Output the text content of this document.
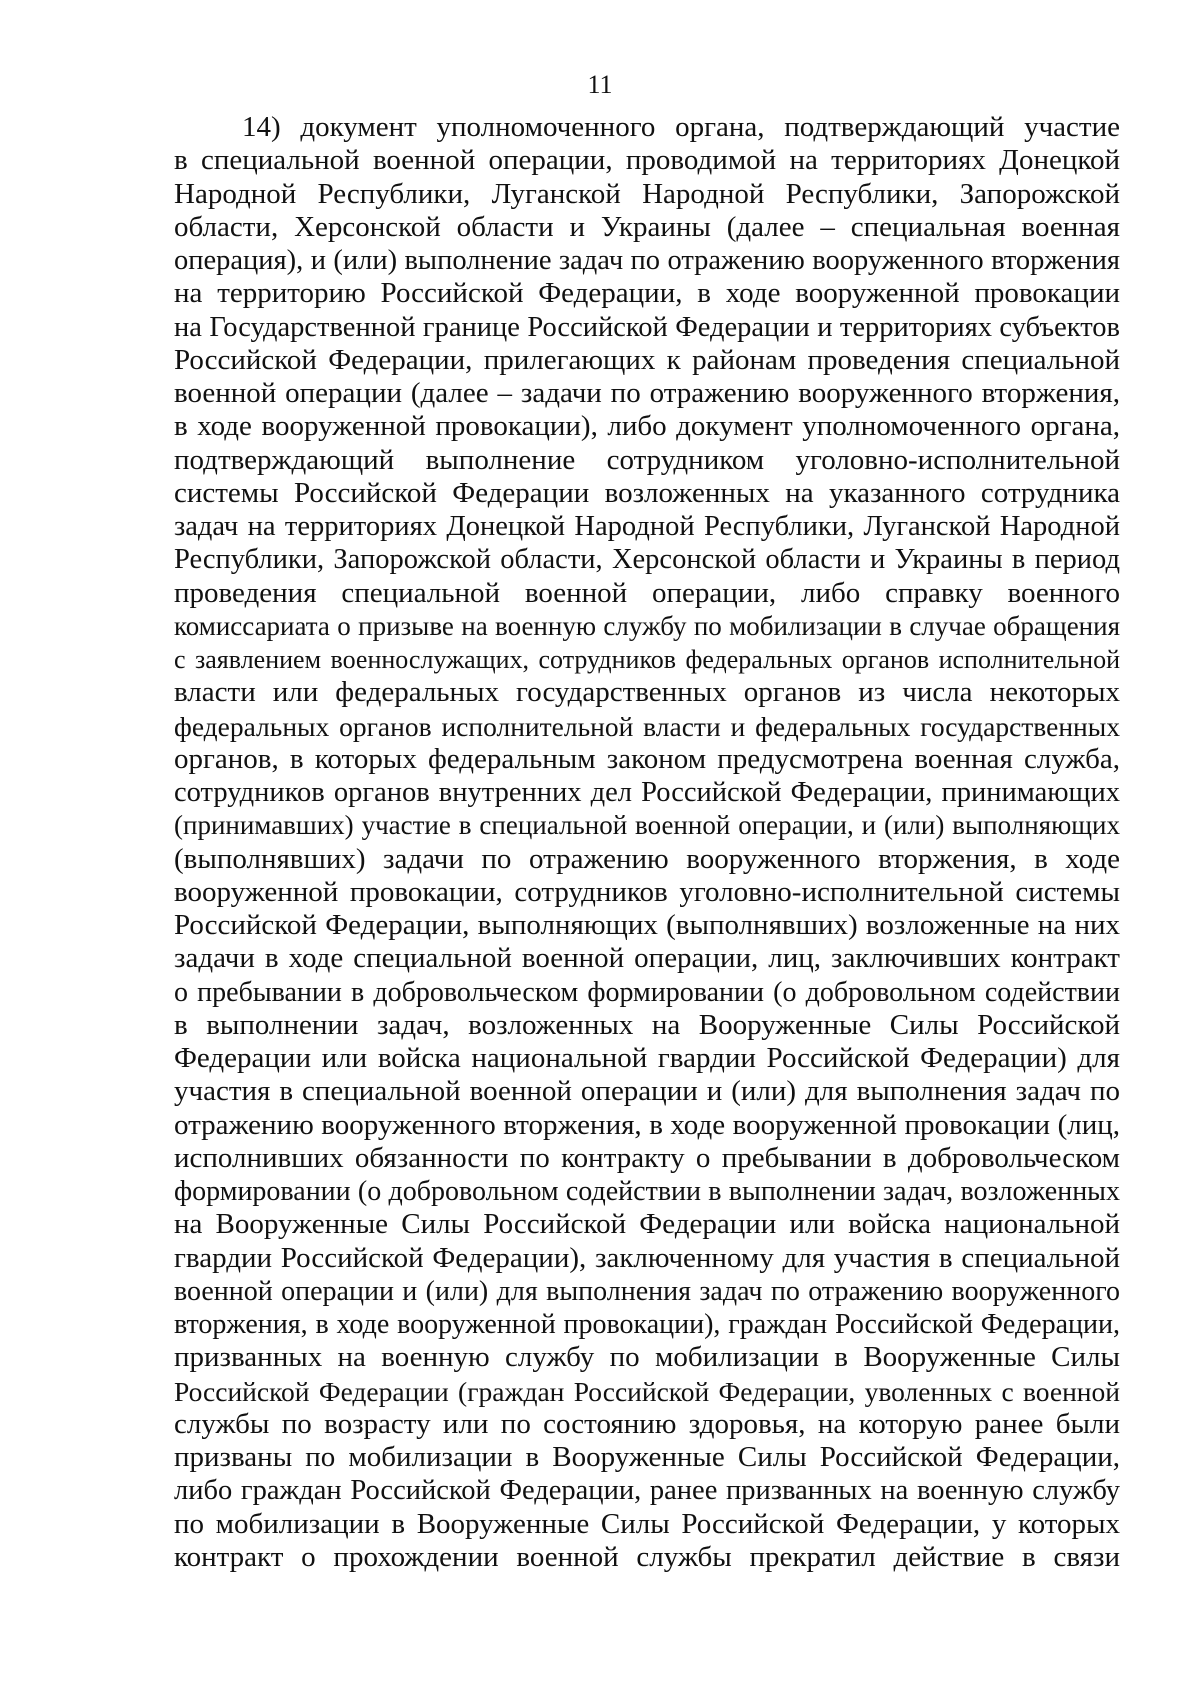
11
14) документ уполномоченного органа, подтверждающий участие
в специальной военной операции, проводимой на территориях Донецкой
Народной Республики, Луганской Народной Республики, Запорожской
области, Херсонской области и Украины (далее – специальная военная
операция), и (или) выполнение задач по отражению вооруженного вторжения
на территорию Российской Федерации, в ходе вооруженной провокации
на Государственной границе Российской Федерации и территориях субъектов
Российской Федерации, прилегающих к районам проведения специальной
военной операции (далее – задачи по отражению вооруженного вторжения,
в ходе вооруженной провокации), либо документ уполномоченного органа,
подтверждающий выполнение сотрудником уголовно-исполнительной
системы Российской Федерации возложенных на указанного сотрудника
задач на территориях Донецкой Народной Республики, Луганской Народной
Республики, Запорожской области, Херсонской области и Украины в период
проведения специальной военной операции, либо справку военного
комиссариата о призыве на военную службу по мобилизации в случае обращения
с заявлением военнослужащих, сотрудников федеральных органов исполнительной
власти или федеральных государственных органов из числа некоторых
федеральных органов исполнительной власти и федеральных государственных
органов, в которых федеральным законом предусмотрена военная служба,
сотрудников органов внутренних дел Российской Федерации, принимающих
(принимавших) участие в специальной военной операции, и (или) выполняющих
(выполнявших) задачи по отражению вооруженного вторжения, в ходе
вооруженной провокации, сотрудников уголовно-исполнительной системы
Российской Федерации, выполняющих (выполнявших) возложенные на них
задачи в ходе специальной военной операции, лиц, заключивших контракт
о пребывании в добровольческом формировании (о добровольном содействии
в выполнении задач, возложенных на Вооруженные Силы Российской
Федерации или войска национальной гвардии Российской Федерации) для
участия в специальной военной операции и (или) для выполнения задач по
отражению вооруженного вторжения, в ходе вооруженной провокации (лиц,
исполнивших обязанности по контракту о пребывании в добровольческом
формировании (о добровольном содействии в выполнении задач, возложенных
на Вооруженные Силы Российской Федерации или войска национальной
гвардии Российской Федерации), заключенному для участия в специальной
военной операции и (или) для выполнения задач по отражению вооруженного
вторжения, в ходе вооруженной провокации), граждан Российской Федерации,
призванных на военную службу по мобилизации в Вооруженные Силы
Российской Федерации (граждан Российской Федерации, уволенных с военной
службы по возрасту или по состоянию здоровья, на которую ранее были
призваны по мобилизации в Вооруженные Силы Российской Федерации,
либо граждан Российской Федерации, ранее призванных на военную службу
по мобилизации в Вооруженные Силы Российской Федерации, у которых
контракт о прохождении военной службы прекратил действие в связи
